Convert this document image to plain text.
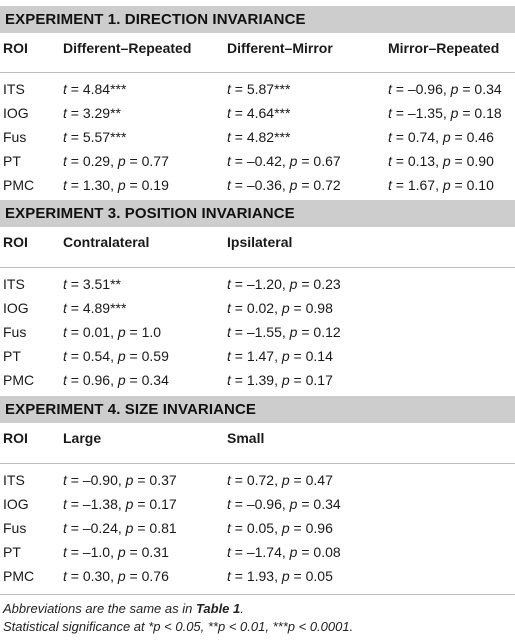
EXPERIMENT 1. DIRECTION INVARIANCE
ROI	Different–Repeated	Different–Mirror	Mirror–Repeated
ITS	t = 4.84***	t = 5.87***	t = –0.96, p = 0.34
IOG t = 3.29**	t = 4.64***	t = –1.35, p = 0.18
Fus	t = 5.57***	t = 4.82***	t = 0.74, p = 0.46
PT	t = 0.29, p = 0.77	t = –0.42, p = 0.67	t = 0.13, p = 0.90
PMC t = 1.30, p = 0.19	t = –0.36, p = 0.72	t = 1.67, p = 0.10
EXPERIMENT 3. POSITION INVARIANCE
ROI	Contralateral	Ipsilateral
ITS	t = 3.51**	t = –1.20, p = 0.23
IOG t = 4.89***	t = 0.02, p = 0.98
Fus	t = 0.01, p = 1.0	t = –1.55, p = 0.12
PT	t = 0.54, p = 0.59	t = 1.47, p = 0.14
PMC t = 0.96, p = 0.34	t = 1.39, p = 0.17
EXPERIMENT 4. SIZE INVARIANCE
ROI	Large	Small
ITS	t = –0.90, p = 0.37	t = 0.72, p = 0.47
IOG t = –1.38, p = 0.17	t = –0.96, p = 0.34
Fus	t = –0.24, p = 0.81	t = 0.05, p = 0.96
PT	t = –1.0, p = 0.31	t = –1.74, p = 0.08
PMC t = 0.30, p = 0.76	t = 1.93, p = 0.05
Abbreviations are the same as in Table 1.
Statistical significance at *p < 0.05, **p < 0.01, ***p < 0.0001.
